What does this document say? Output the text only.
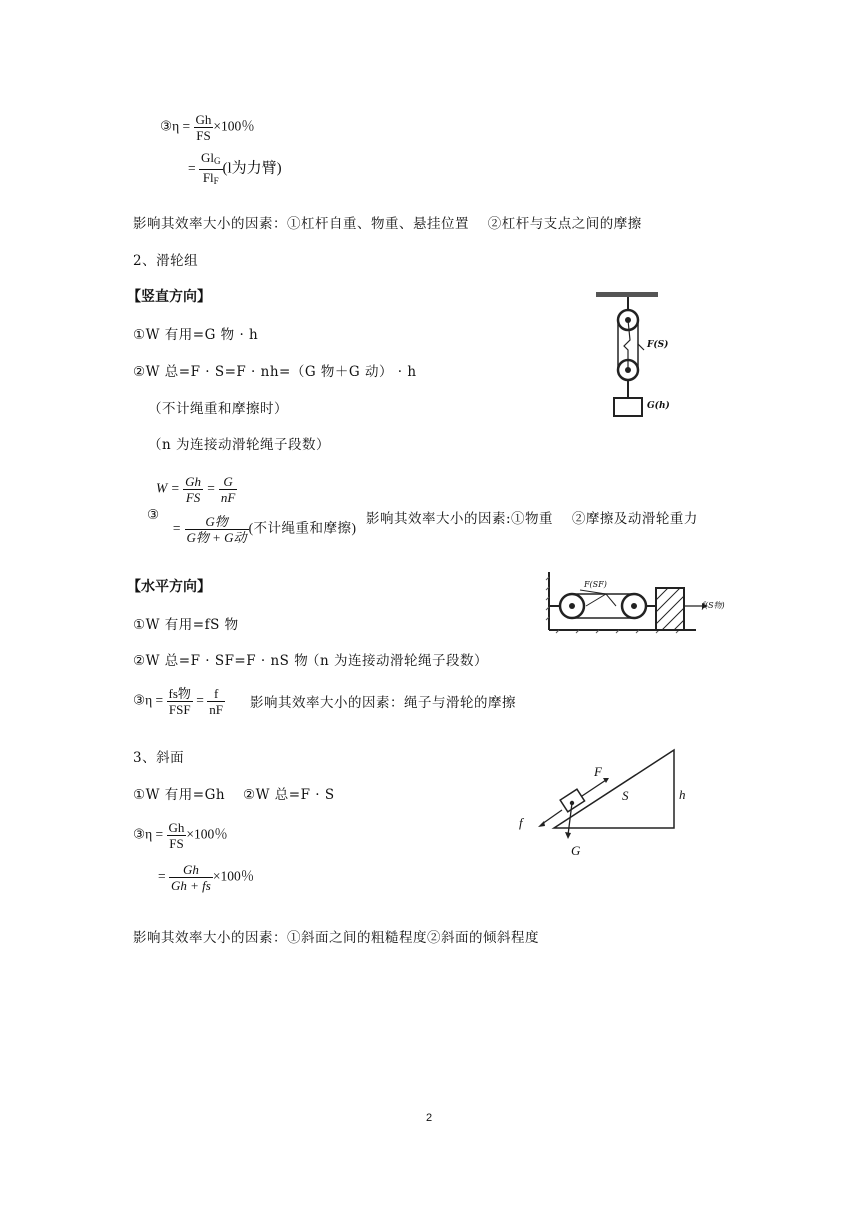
③η = $\frac{Gh}{FS} \times 100$％
= $\frac{Gl_G}{Fl_F} (l$为力臂)
影响其效率大小的因素：①杠杆自重、物重、悬挂位置　 ②杠杆与支点之间的摩擦
2、滑轮组
【竖直方向】
①W 有用=G 物 · h
②W 总=F · S=F · nh=（G 物＋G 动） · h
（不计绳重和摩擦时）
（n 为连接动滑轮绳子段数）
③
$W = \frac{Gh}{FS} = \frac{G}{nF}$
= $\frac{\text{G物}}{\text{G物 + G动}}$ (不计绳重和摩擦)
影响其效率大小的因素:①物重　 ②摩擦及动滑轮重力
F(S)
G(h)
【水平方向】
①W 有用=fS 物
②W 总=F · SF=F · nS 物
（n 为连接动滑轮绳子段数）
③η = $\frac{\text{fs物}}{\text{FSF}} = \frac{f}{nF}$ 影响其效率大小的因素：绳子与滑轮的摩擦
F(SF)
f(S物)
3、斜面
①W 有用=Gh ②W 总=F · S
③η = $\frac{Gh}{FS} \times 100$％
= $\frac{Gh}{Gh + fs} \times 100$％
影响其效率大小的因素：①斜面之间的粗糙程度②斜面的倾斜程度
F
S	h
f
G
2
